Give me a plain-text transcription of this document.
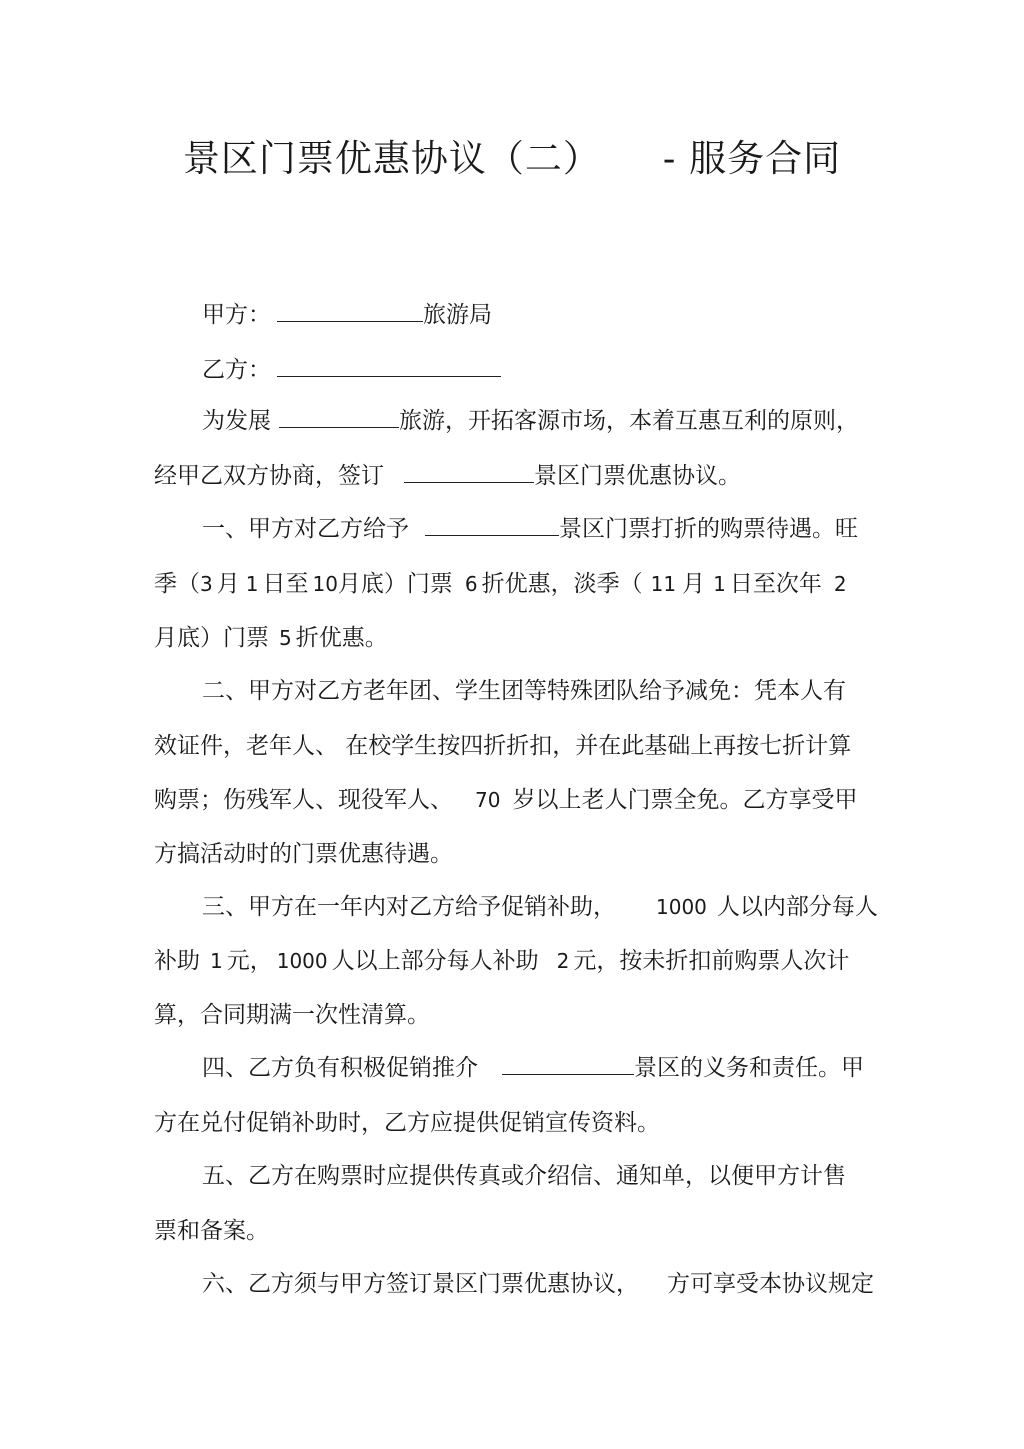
景区门票优惠协议（二） - 服务合同
甲方：	旅游局
乙方：
为发展	旅游，开拓客源市场，本着互惠互利的原则，
经甲乙双方协商，签订	景区门票优惠协议。
一、甲方对乙方给予	景区门票打折的购票待遇。旺
季（3 月 1 日至 10月底）门票 6 折优惠，淡季（ 11 月 1 日至次年 2
月底）门票 5 折优惠。
二、甲方对乙方老年团、学生团等特殊团队给予减免：凭本人有
效证件，老年人、 在校学生按四折折扣，并在此基础上再按七折计算
购票；伤残军人、现役军人、 70 岁以上老人门票全免。乙方享受甲
方搞活动时的门票优惠待遇。
三、甲方在一年内对乙方给予促销补助， 1000 人以内部分每人
补助 1 元， 1000 人以上部分每人补助 2 元，按未折扣前购票人次计
算，合同期满一次性清算。
四、乙方负有积极促销推介	景区的义务和责任。甲
方在兑付促销补助时，乙方应提供促销宣传资料。
五、乙方在购票时应提供传真或介绍信、通知单，以便甲方计售
票和备案。
六、乙方须与甲方签订景区门票优惠协议， 方可享受本协议规定
